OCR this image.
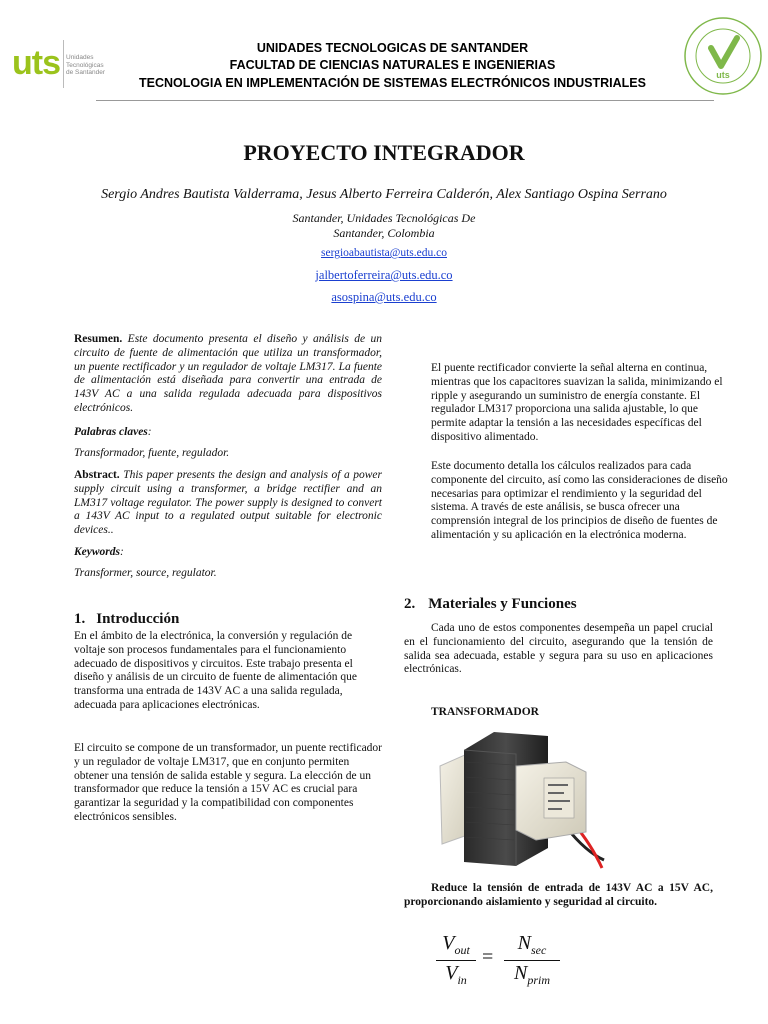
uts Unidades
Tecnológicas
de Santander	uts
UNIDADES TECNOLOGICAS DE SANTANDER
FACULTAD DE CIENCIAS NATURALES E INGENIERIAS
TECNOLOGIA EN IMPLEMENTACIÓN DE SISTEMAS ELECTRÓNICOS INDUSTRIALES
PROYECTO INTEGRADOR
Sergio Andres Bautista Valderrama, Jesus Alberto Ferreira Calderón, Alex Santiago Ospina Serrano
Santander, Unidades Tecnológicas De
Santander, Colombia
sergioabautista@uts.edu.co
jalbertoferreira@uts.edu.co
asospina@uts.edu.co
Resumen. Este documento presenta el diseño y análisis de un circuito de fuente de alimentación que utiliza un transformador, un puente rectificador y un regulador de voltaje LM317. La fuente de alimentación está diseñada para convertir una entrada de 143V AC a una salida regulada adecuada para dispositivos electrónicos.
Palabras claves:
Transformador, fuente, regulador.
Abstract. This paper presents the design and analysis of a power supply circuit using a transformer, a bridge rectifier and an LM317 voltage regulator. The power supply is designed to convert a 143V AC input to a regulated output suitable for electronic devices..
Keywords:
Transformer, source, regulator.
1. Introducción
En el ámbito de la electrónica, la conversión y regulación de voltaje son procesos fundamentales para el funcionamiento adecuado de dispositivos y circuitos. Este trabajo presenta el diseño y análisis de un circuito de fuente de alimentación que transforma una entrada de 143V AC a una salida regulada, adecuada para aplicaciones electrónicas.
El circuito se compone de un transformador, un puente rectificador y un regulador de voltaje LM317, que en conjunto permiten obtener una tensión de salida estable y segura. La elección de un transformador que reduce la tensión a 15V AC es crucial para garantizar la seguridad y la compatibilidad con componentes electrónicos sensibles.
El puente rectificador convierte la señal alterna en continua, mientras que los capacitores suavizan la salida, minimizando el ripple y asegurando un suministro de energía constante. El regulador LM317 proporciona una salida ajustable, lo que permite adaptar la tensión a las necesidades específicas del dispositivo alimentado.
Este documento detalla los cálculos realizados para cada componente del circuito, así como las consideraciones de diseño necesarias para optimizar el rendimiento y la seguridad del sistema. A través de este análisis, se busca ofrecer una comprensión integral de los principios de diseño de fuentes de alimentación y su aplicación en la electrónica moderna.
2. Materiales y Funciones
Cada uno de estos componentes desempeña un papel crucial en el funcionamiento del circuito, asegurando que la tensión de salida sea adecuada, estable y segura para su uso en aplicaciones electrónicas.
TRANSFORMADOR
Reduce la tensión de entrada de 143V AC a 15V AC, proporcionando aislamiento y seguridad al circuito.
$V_{out}$
$V_{in}$
=
$N_{sec}$
$N_{prim}$
